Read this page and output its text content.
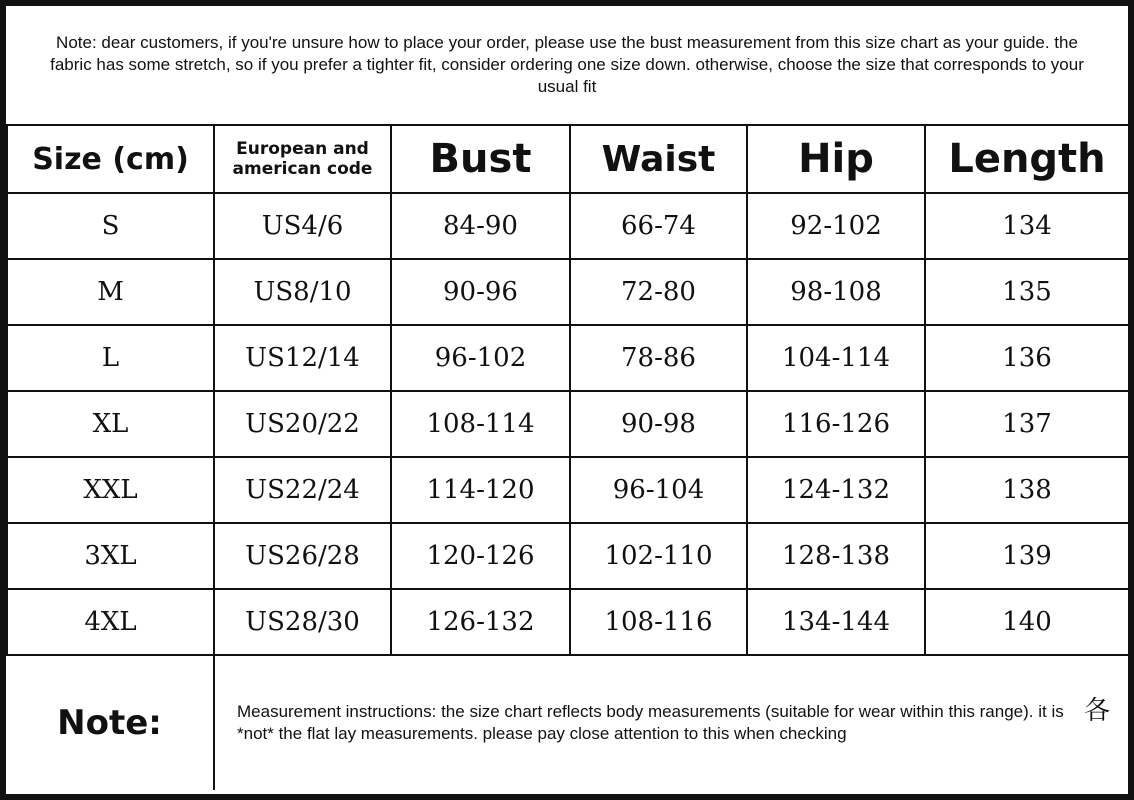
Note: dear customers, if you're unsure how to place your order, please use the bust measurement from this size chart as your guide. the fabric has some stretch, so if you prefer a tighter fit, consider ordering one size down. otherwise, choose the size that corresponds to your usual fit
Size (cm)	European and american code	Bust	Waist	Hip	Length
S	US4/6	84-90	66-74	92-102	134
M	US8/10	90-96	72-80	98-108	135
L	US12/14	96-102	78-86	104-114	136
XL	US20/22	108-114	90-98	116-126	137
XXL	US22/24	114-120	96-104	124-132	138
3XL	US26/28	120-126	102-110	128-138	139
4XL	US28/30	126-132	108-116	134-144	140
Note:	Measurement instructions: the size chart reflects body measurements (suitable for wear within this range). it is *not* the flat lay measurements. please pay close attention to this when checking
各
